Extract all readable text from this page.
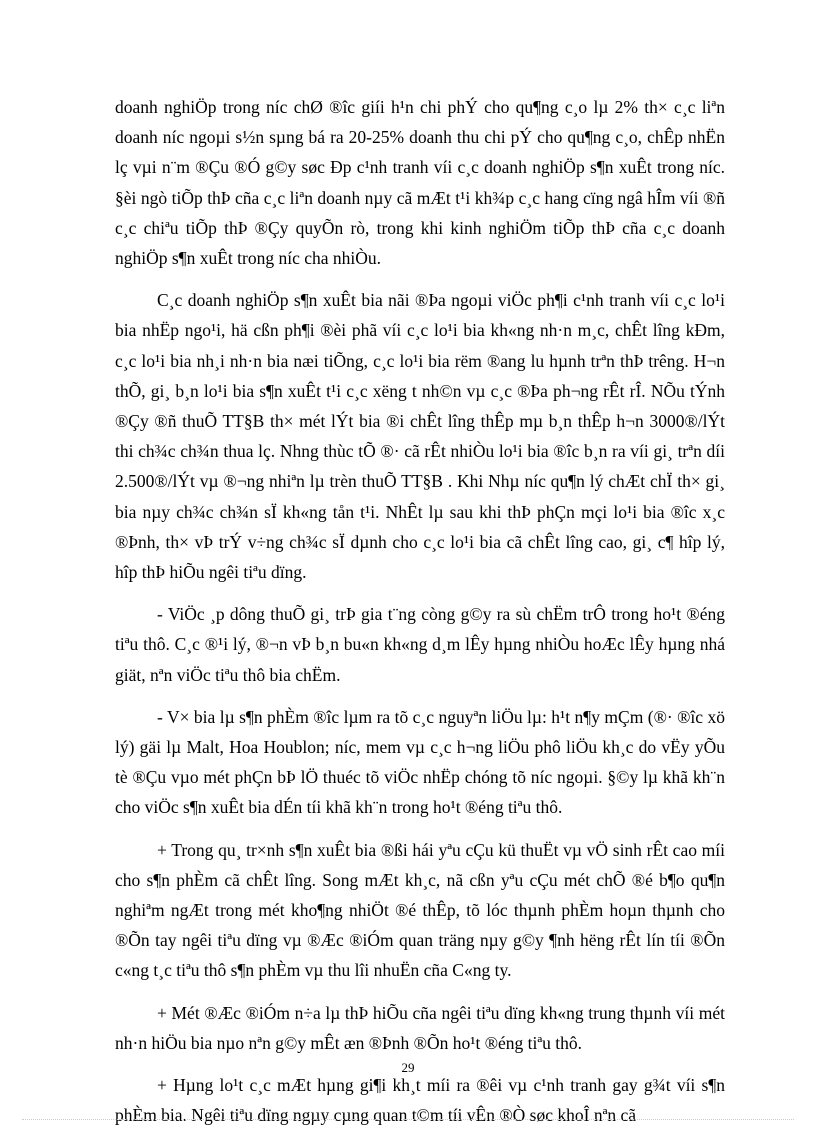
doanh nghiÖp trong níc chØ ®îc giíi h¹n chi phÝ cho qu¶ng c¸o lµ 2% th× c¸c liªn doanh níc ngoµi s½n sµng bá ra 20-25% doanh thu chi pÝ cho qu¶ng c¸o, chÊp nhËn lç vµi n¨m ®Çu ®Ó g©y søc Ðp c¹nh tranh víi c¸c doanh nghiÖp s¶n xuÊt trong níc. §èi ngò tiÕp thÞ cña c¸c liªn doanh nµy cã mÆt t¹i kh¾p c¸c hang cïng ngâ hÎm víi ®ñ c¸c chiªu tiÕp thÞ ®Çy quyÕn rò, trong khi kinh nghiÖm tiÕp thÞ cña c¸c doanh nghiÖp s¶n xuÊt trong níc cha nhiÒu.

C¸c doanh nghiÖp s¶n xuÊt bia nãi ®Þa ngoµi viÖc ph¶i c¹nh tranh víi c¸c lo¹i bia nhËp ngo¹i, hä cßn ph¶i ®èi phã víi c¸c lo¹i bia kh«ng nh·n m¸c, chÊt lîng kÐm, c¸c lo¹i bia nh¸i nh·n bia næi tiÕng, c¸c lo¹i bia rëm ®ang lu hµnh trªn thÞ trêng. H¬n thÕ, gi¸ b¸n lo¹i bia s¶n xuÊt t¹i c¸c xëng t nh©n vµ c¸c ®Þa ph¬ng rÊt rÎ. NÕu tÝnh ®Çy ®ñ thuÕ TT§B th× mét lÝt bia ®i chÊt lîng thÊp mµ b¸n thÊp h¬n 3000®/lÝt thi ch¾c ch¾n thua lç. Nhng thùc tÕ ®· cã rÊt nhiÒu lo¹i bia ®îc b¸n ra víi gi¸ trªn díi 2.500®/lÝt vµ ®¬ng nhiªn lµ trèn thuÕ TT§B . Khi Nhµ níc qu¶n lý chÆt chÏ th× gi¸ bia nµy ch¾c ch¾n sÏ kh«ng tån t¹i. NhÊt lµ sau khi thÞ phÇn mçi lo¹i bia ®îc x¸c ®Þnh, th× vÞ trÝ v÷ng ch¾c sÏ dµnh cho c¸c lo¹i bia cã chÊt lîng cao, gi¸ c¶ hîp lý, hîp thÞ hiÕu ngêi tiªu dïng.

- ViÖc ¸p dông thuÕ gi¸ trÞ gia t¨ng còng g©y ra sù chËm trÔ trong ho¹t ®éng tiªu thô. C¸c ®¹i lý, ®¬n vÞ b¸n bu«n kh«ng d¸m lÊy hµng nhiÒu hoÆc lÊy hµng nhá giät, nªn viÖc tiªu thô bia chËm.

- V× bia lµ s¶n phÈm ®îc lµm ra tõ c¸c nguyªn liÖu lµ: h¹t n¶y mÇm (®· ®îc xö lý) gäi lµ Malt, Hoa Houblon; níc, mem vµ c¸c h¬ng liÖu phô liÖu kh¸c do vËy yÕu tè ®Çu vµo mét phÇn bÞ lÖ thuéc tõ viÖc nhËp chóng tõ níc ngoµi. §©y lµ khã kh¨n cho viÖc s¶n xuÊt bia dÉn tíi khã kh¨n trong ho¹t ®éng tiªu thô.

+ Trong qu¸ tr×nh s¶n xuÊt bia ®ßi hái yªu cÇu kü thuËt vµ vÖ sinh rÊt cao míi cho s¶n phÈm cã chÊt lîng. Song mÆt kh¸c, nã cßn yªu cÇu mét chÕ ®é b¶o qu¶n nghiªm ngÆt trong mét kho¶ng nhiÖt ®é thÊp, tõ lóc thµnh phÈm hoµn thµnh cho ®Õn tay ngêi tiªu dïng vµ ®Æc ®iÓm quan träng nµy g©y ¶nh hëng rÊt lín tíi ®Õn c«ng t¸c tiªu thô s¶n phÈm vµ thu lîi nhuËn cña C«ng ty.

+ Mét ®Æc ®iÓm n÷a lµ thÞ hiÕu cña ngêi tiªu dïng kh«ng trung thµnh víi mét nh·n hiÖu bia nµo nªn g©y mÊt æn ®Þnh ®Õn ho¹t ®éng tiªu thô.

+ Hµng lo¹t c¸c mÆt hµng gi¶i kh¸t míi ra ®êi vµ c¹nh tranh gay g¾t víi s¶n phÈm bia. Ngêi tiªu dïng ngµy cµng quan t©m tíi vÊn ®Ò søc khoÎ nªn cã

29
